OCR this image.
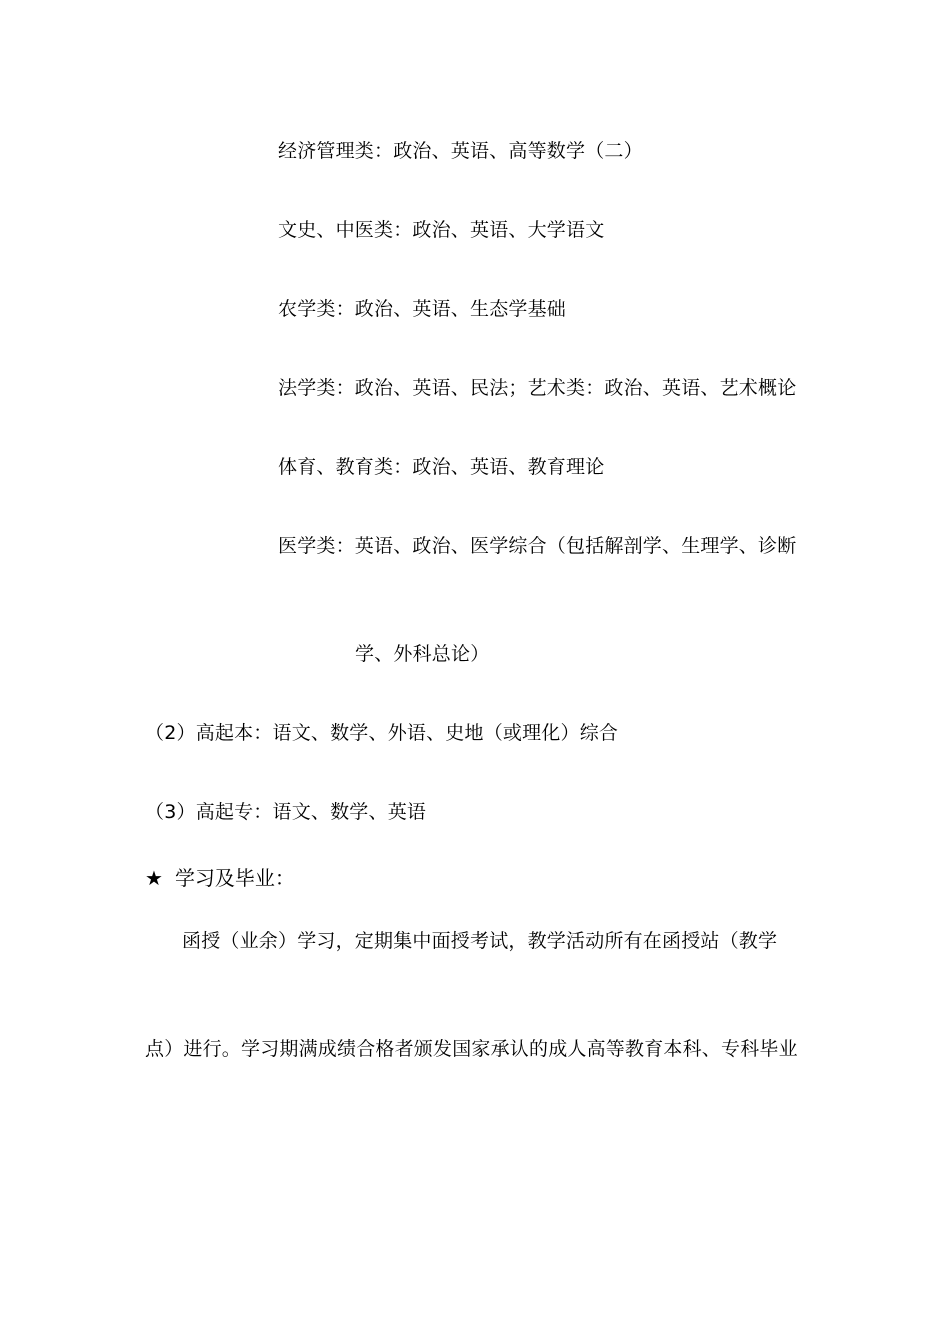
经济管理类：政治、英语、高等数学（二）
文史、中医类：政治、英语、大学语文
农学类：政治、英语、生态学基础
法学类：政治、英语、民法；艺术类：政治、英语、艺术概论
体育、教育类：政治、英语、教育理论
医学类：英语、政治、医学综合（包括解剖学、生理学、诊断
学、外科总论）
（2）高起本：语文、数学、外语、史地（或理化）综合
（3）高起专：语文、数学、英语
★ 学习及毕业：
函授（业余）学习，定期集中面授考试，教学活动所有在函授站（教学
点）进行。学习期满成绩合格者颁发国家承认的成人高等教育本科、专科毕业
